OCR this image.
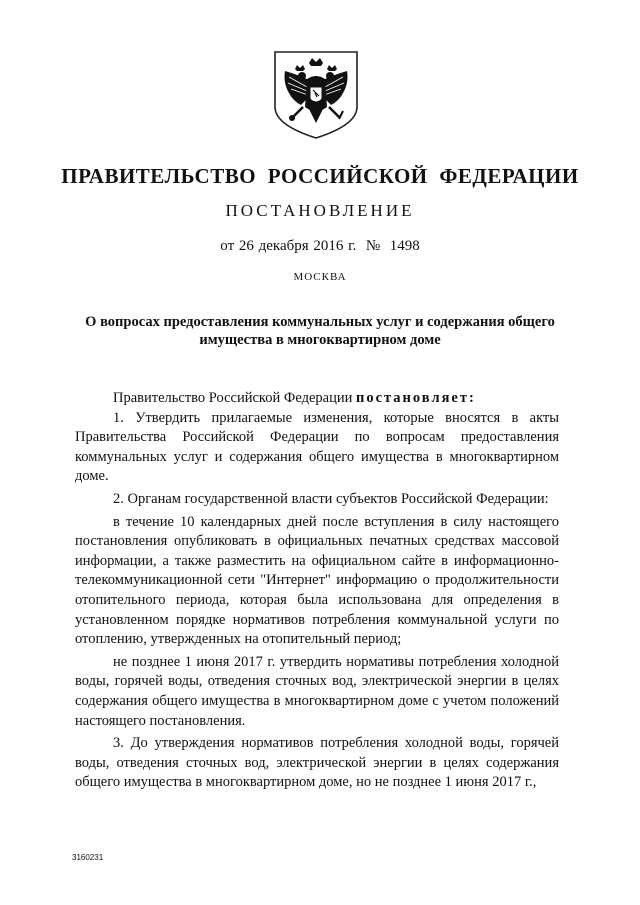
ПРАВИТЕЛЬСТВО РОССИЙСКОЙ ФЕДЕРАЦИИ
ПОСТАНОВЛЕНИЕ
от 26 декабря 2016 г.  №  1498
МОСКВА
О вопросах предоставления коммунальных услуг и содержания общего имущества в многоквартирном доме

Правительство Российской Федерации постановляет:

1. Утвердить прилагаемые изменения, которые вносятся в акты Правительства Российской Федерации по вопросам предоставления коммунальных услуг и содержания общего имущества в многоквартирном доме.

2. Органам государственной власти субъектов Российской Федерации:

в течение 10 календарных дней после вступления в силу настоящего постановления опубликовать в официальных печатных средствах массовой информации, а также разместить на официальном сайте в информационно-телекоммуникационной сети "Интернет" информацию о продолжительности отопительного периода, которая была использована для определения в установленном порядке нормативов потребления коммунальной услуги по отоплению, утвержденных на отопительный период;

не позднее 1 июня 2017 г. утвердить нормативы потребления холодной воды, горячей воды, отведения сточных вод, электрической энергии в целях содержания общего имущества в многоквартирном доме с учетом положений настоящего постановления.

3. До утверждения нормативов потребления холодной воды, горячей воды, отведения сточных вод, электрической энергии в целях содержания общего имущества в многоквартирном доме, но не позднее 1 июня 2017 г.,

3160231
